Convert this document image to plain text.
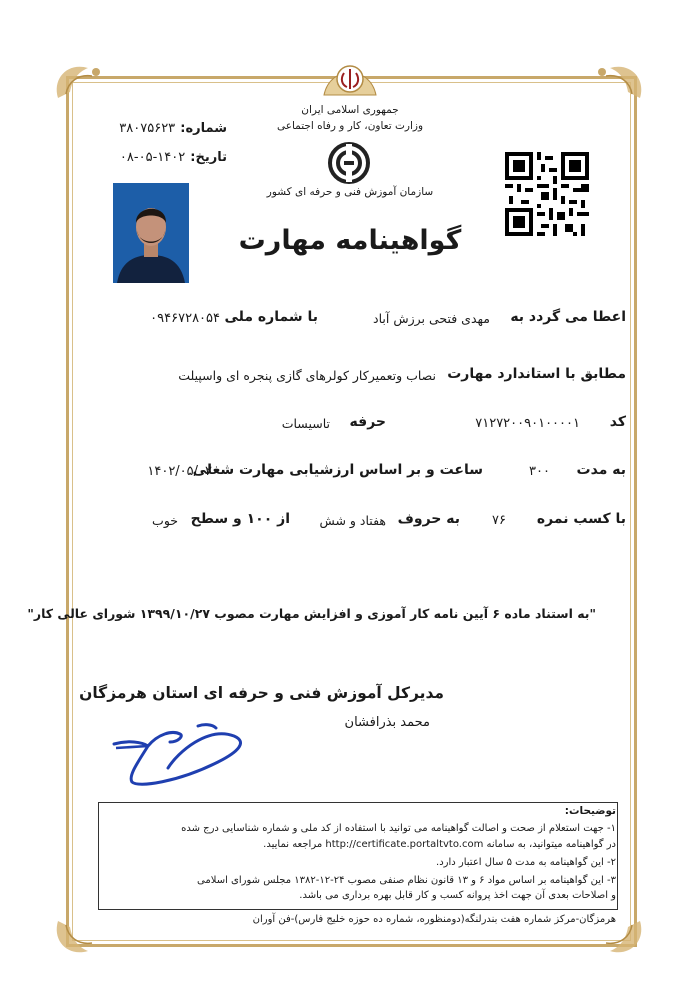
جمهوری اسلامی ایران
وزارت تعاون، کار و رفاه اجتماعی
سازمان آموزش فنی و حرفه ای کشور
شماره: ۳۸۰۷۵۶۲۳
تاریخ: ۱۴۰۲-۰۵-۰۸
گواهینامه مهارت
اعطا می گردد به
مهدی فتحی برزش آباد
با شماره ملی
۰۹۴۶۷۲۸۰۵۴
مطابق با استاندارد مهارت
نصاب وتعمیرکار کولرهای گازی پنجره ای واسپیلت
کد
۷۱۲۷۲۰۰۹۰۱۰۰۰۰۱
حرفه
تاسیسات
به مدت
۳۰۰
ساعت و بر اساس ارزشیابی مهارت شغلی
۱۴۰۲/۰۵/۰۲
با کسب نمره
۷۶
به حروف
هفتاد و شش
از ۱۰۰ و سطح
خوب
"به استناد ماده ۶ آیین نامه کار آموزی و افزایش مهارت مصوب ۱۳۹۹/۱۰/۲۷ شورای عالی کار"
مدیرکل آموزش فنی و حرفه ای استان هرمزگان
محمد بذرافشان
توضیحات:
۱- جهت استعلام از صحت و اصالت گواهینامه می توانید با استفاده از کد ملی و شماره شناسایی درج شده
در گواهینامه میتوانید، به سامانه http://certificate.portaltvto.com مراجعه نمایید.
۲- این گواهینامه به مدت ۵ سال اعتبار دارد.
۳- این گواهینامه بر اساس مواد ۶ و ۱۳ قانون نظام صنفی مصوب ۲۴-۱۲-۱۳۸۲ مجلس شورای اسلامی
و اصلاحات بعدی آن جهت اخذ پروانه کسب و کار قابل بهره برداری می باشد.
هرمزگان-مرکز شماره هفت بندرلنگه(دومنظوره، شماره ده حوزه خلیج فارس)-فن آوران
